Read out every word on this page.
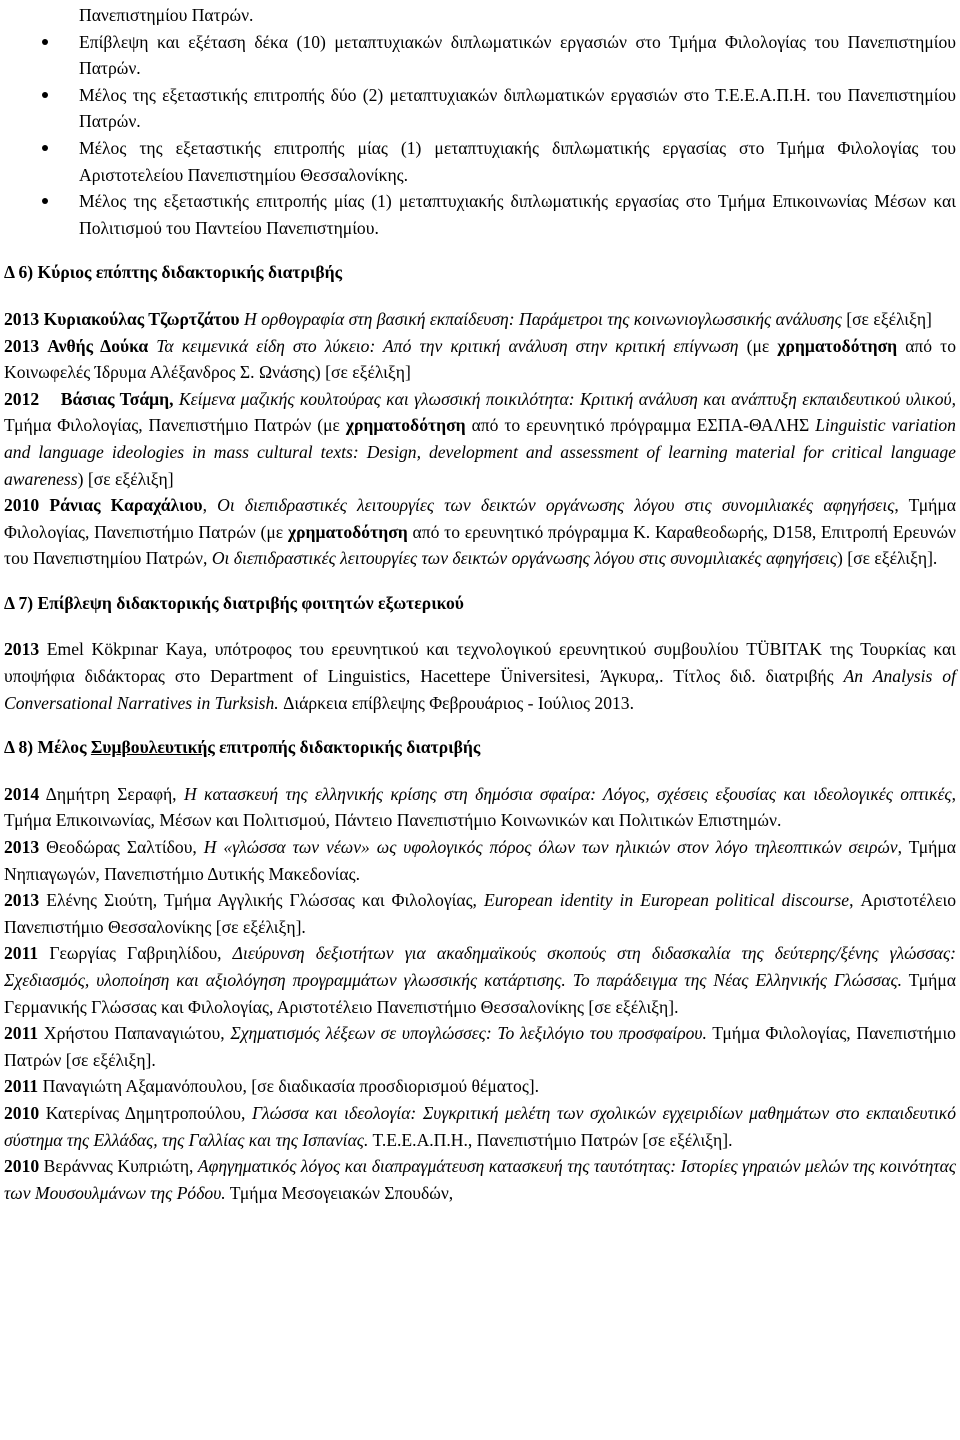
Πανεπιστημίου Πατρών.
Επίβλεψη και εξέταση δέκα (10) μεταπτυχιακών διπλωματικών εργασιών στο Τμήμα Φιλολογίας του Πανεπιστημίου Πατρών.
Μέλος της εξεταστικής επιτροπής δύο (2) μεταπτυχιακών διπλωματικών εργασιών στο Τ.Ε.Ε.Α.Π.Η. του Πανεπιστημίου Πατρών.
Μέλος της εξεταστικής επιτροπής μίας (1) μεταπτυχιακής διπλωματικής εργασίας στο Τμήμα Φιλολογίας του Αριστοτελείου Πανεπιστημίου Θεσσαλονίκης.
Μέλος της εξεταστικής επιτροπής μίας (1) μεταπτυχιακής διπλωματικής εργασίας στο Τμήμα Επικοινωνίας Μέσων και Πολιτισμού του Παντείου Πανεπιστημίου.

Δ 6) Κύριος επόπτης διδακτορικής διατριβής

2013 Κυριακούλας Τζωρτζάτου Η ορθογραφία στη βασική εκπαίδευση: Παράμετροι της κοινωνιογλωσσικής ανάλυσης [σε εξέλιξη]

2013 Ανθής Δούκα Τα κειμενικά είδη στο λύκειο: Από την κριτική ανάλυση στην κριτική επίγνωση (με χρηματοδότηση από το Κοινωφελές Ίδρυμα Αλέξανδρος Σ. Ωνάσης) [σε εξέλιξη]

2012 Βάσιας Τσάμη, Κείμενα μαζικής κουλτούρας και γλωσσική ποικιλότητα: Κριτική ανάλυση και ανάπτυξη εκπαιδευτικού υλικού, Τμήμα Φιλολογίας, Πανεπιστήμιο Πατρών (με χρηματοδότηση από το ερευνητικό πρόγραμμα ΕΣΠΑ-ΘΑΛΗΣ Linguistic variation and language ideologies in mass cultural texts: Design, development and assessment of learning material for critical language awareness) [σε εξέλιξη]

2010 Ράνιας Καραχάλιου, Οι διεπιδραστικές λειτουργίες των δεικτών οργάνωσης λόγου στις συνομιλιακές αφηγήσεις, Τμήμα Φιλολογίας, Πανεπιστήμιο Πατρών (με χρηματοδότηση από το ερευνητικό πρόγραμμα Κ. Καραθεοδωρής, D158, Επιτροπή Ερευνών του Πανεπιστημίου Πατρών, Οι διεπιδραστικές λειτουργίες των δεικτών οργάνωσης λόγου στις συνομιλιακές αφηγήσεις) [σε εξέλιξη].

Δ 7) Επίβλεψη διδακτορικής διατριβής φοιτητών εξωτερικού

2013 Emel Kökpınar Kaya, υπότροφος του ερευνητικού και τεχνολογικού ερευνητικού συμβουλίου TÜBITAK της Τουρκίας και υποψήφια διδάκτορας στο Department of Linguistics, Hacettepe Üniversitesi, Άγκυρα,. Τίτλος διδ. διατριβής An Analysis of Conversational Narratives in Turksish. Διάρκεια επίβλεψης Φεβρουάριος - Ιούλιος 2013.

Δ 8) Μέλος Συμβουλευτικής επιτροπής διδακτορικής διατριβής

2014 Δημήτρη Σεραφή, Η κατασκευή της ελληνικής κρίσης στη δημόσια σφαίρα: Λόγος, σχέσεις εξουσίας και ιδεολογικές οπτικές, Τμήμα Επικοινωνίας, Μέσων και Πολιτισμού, Πάντειο Πανεπιστήμιο Κοινωνικών και Πολιτικών Επιστημών.

2013 Θεοδώρας Σαλτίδου, Η «γλώσσα των νέων» ως υφολογικός πόρος όλων των ηλικιών στον λόγο τηλεοπτικών σειρών, Τμήμα Νηπιαγωγών, Πανεπιστήμιο Δυτικής Μακεδονίας.

2013 Ελένης Σιούτη, Τμήμα Αγγλικής Γλώσσας και Φιλολογίας, European identity in European political discourse, Αριστοτέλειο Πανεπιστήμιο Θεσσαλονίκης [σε εξέλιξη].

2011 Γεωργίας Γαβριηλίδου, Διεύρυνση δεξιοτήτων για ακαδημαϊκούς σκοπούς στη διδασκαλία της δεύτερης/ξένης γλώσσας: Σχεδιασμός, υλοποίηση και αξιολόγηση προγραμμάτων γλωσσικής κατάρτισης. Το παράδειγμα της Νέας Ελληνικής Γλώσσας. Τμήμα Γερμανικής Γλώσσας και Φιλολογίας, Αριστοτέλειο Πανεπιστήμιο Θεσσαλονίκης [σε εξέλιξη].

2011 Χρήστου Παπαναγιώτου, Σχηματισμός λέξεων σε υπογλώσσες: Το λεξιλόγιο του προσφαίρου. Τμήμα Φιλολογίας, Πανεπιστήμιο Πατρών [σε εξέλιξη].

2011 Παναγιώτη Αξαμανόπουλου, [σε διαδικασία προσδιορισμού θέματος].

2010 Κατερίνας Δημητροπούλου, Γλώσσα και ιδεολογία: Συγκριτική μελέτη των σχολικών εγχειριδίων μαθημάτων στο εκπαιδευτικό σύστημα της Ελλάδας, της Γαλλίας και της Ισπανίας. Τ.Ε.Ε.Α.Π.Η., Πανεπιστήμιο Πατρών [σε εξέλιξη].

2010 Βεράννας Κυπριώτη, Αφηγηματικός λόγος και διαπραγμάτευση κατασκευή της ταυτότητας: Ιστορίες γηραιών μελών της κοινότητας των Μουσουλμάνων της Ρόδου. Τμήμα Μεσογειακών Σπουδών,
